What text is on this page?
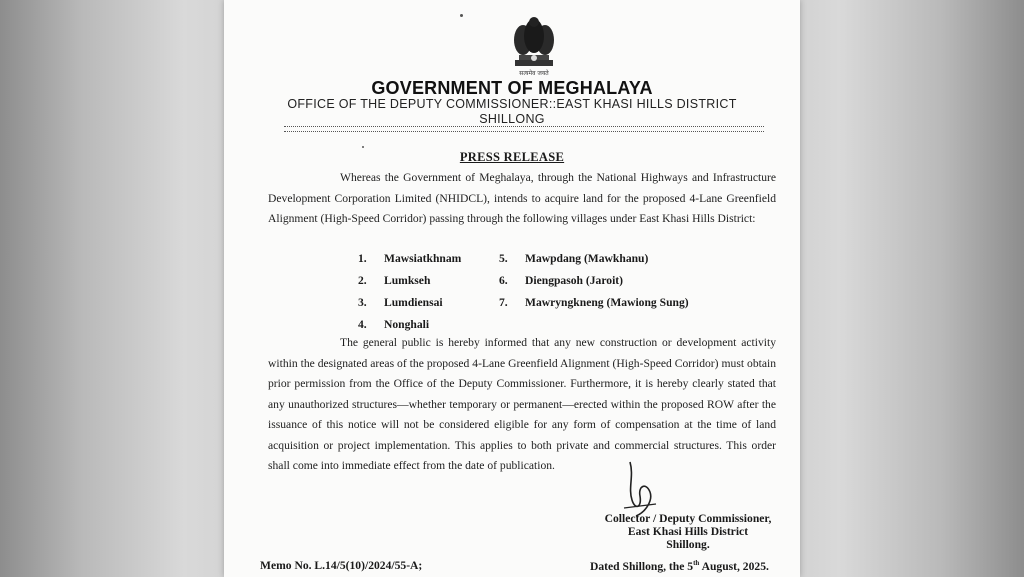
सत्यमेव जयते
GOVERNMENT OF MEGHALAYA
OFFICE OF THE DEPUTY COMMISSIONER::EAST KHASI HILLS DISTRICT
SHILLONG
PRESS RELEASE
Whereas the Government of Meghalaya, through the National Highways and Infrastructure Development Corporation Limited (NHIDCL), intends to acquire land for the proposed 4-Lane Greenfield Alignment (High-Speed Corridor) passing through the following villages under East Khasi Hills District:
1. Mawsiatkhnam
2. Lumkseh
3. Lumdiensai
4. Nonghali
5. Mawpdang (Mawkhanu)
6. Diengpasoh (Jaroit)
7. Mawryngkneng (Mawiong Sung)
The general public is hereby informed that any new construction or development activity within the designated areas of the proposed 4-Lane Greenfield Alignment (High-Speed Corridor) must obtain prior permission from the Office of the Deputy Commissioner. Furthermore, it is hereby clearly stated that any unauthorized structures—whether temporary or permanent—erected within the proposed ROW after the issuance of this notice will not be considered eligible for any form of compensation at the time of land acquisition or project implementation. This applies to both private and commercial structures. This order shall come into immediate effect from the date of publication.
Collector / Deputy Commissioner,
East Khasi Hills District
Shillong.
Memo No. L.14/5(10)/2024/55-A;	Dated Shillong, the 5th August, 2025.
